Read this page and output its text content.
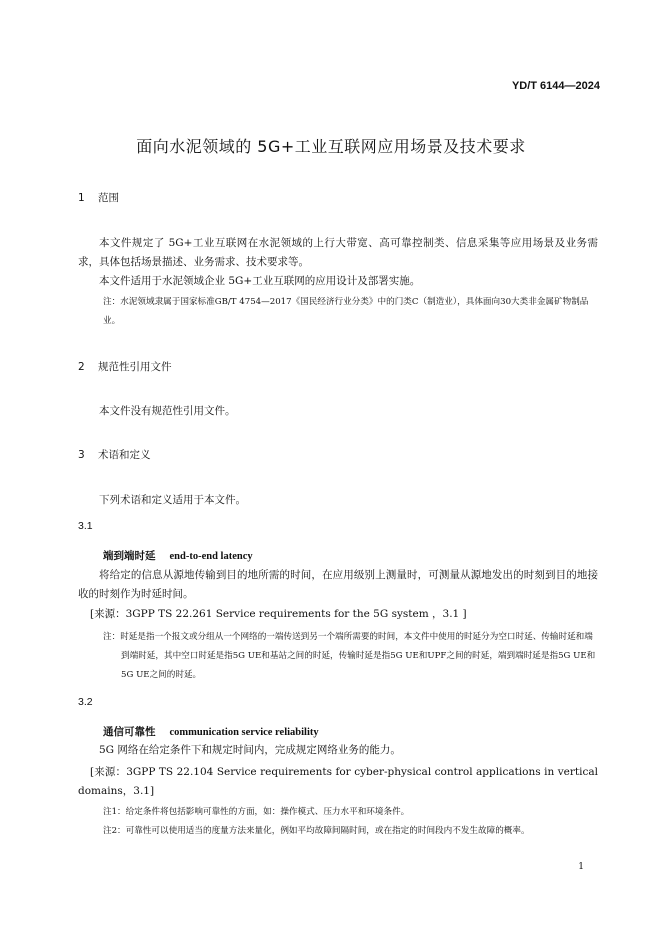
YD/T 6144—2024
面向水泥领域的 5G+工业互联网应用场景及技术要求
1 范围

本文件规定了 5G+工业互联网在水泥领域的上行大带宽、高可靠控制类、信息采集等应用场景及业务需求，具体包括场景描述、业务需求、技术要求等。

本文件适用于水泥领域企业 5G+工业互联网的应用设计及部署实施。

注：水泥领域隶属于国家标准GB/T 4754—2017《国民经济行业分类》中的门类C（制造业），具体面向30大类非金属矿物制品业。

2 规范性引用文件

本文件没有规范性引用文件。

3 术语和定义

下列术语和定义适用于本文件。

3.1
端到端时延 end-to-end latency

将给定的信息从源地传输到目的地所需的时间，在应用级别上测量时，可测量从源地发出的时刻到目的地接收的时刻作为时延时间。

[来源：3GPP TS 22.261 Service requirements for the 5G system ，3.1 ]

注：时延是指一个报文或分组从一个网络的一端传送到另一个端所需要的时间，本文件中使用的时延分为空口时延、传输时延和端到端时延，其中空口时延是指5G UE和基站之间的时延，传输时延是指5G UE和UPF之间的时延，端到端时延是指5G UE和5G UE之间的时延。

3.2
通信可靠性 communication service reliability

5G 网络在给定条件下和规定时间内，完成规定网络业务的能力。

[来源：3GPP TS 22.104 Service requirements for cyber-physical control applications in vertical domains，3.1]

注1：给定条件将包括影响可靠性的方面，如：操作模式、压力水平和环境条件。

注2：可靠性可以使用适当的度量方法来量化，例如平均故障间隔时间，或在指定的时间段内不发生故障的概率。

1
